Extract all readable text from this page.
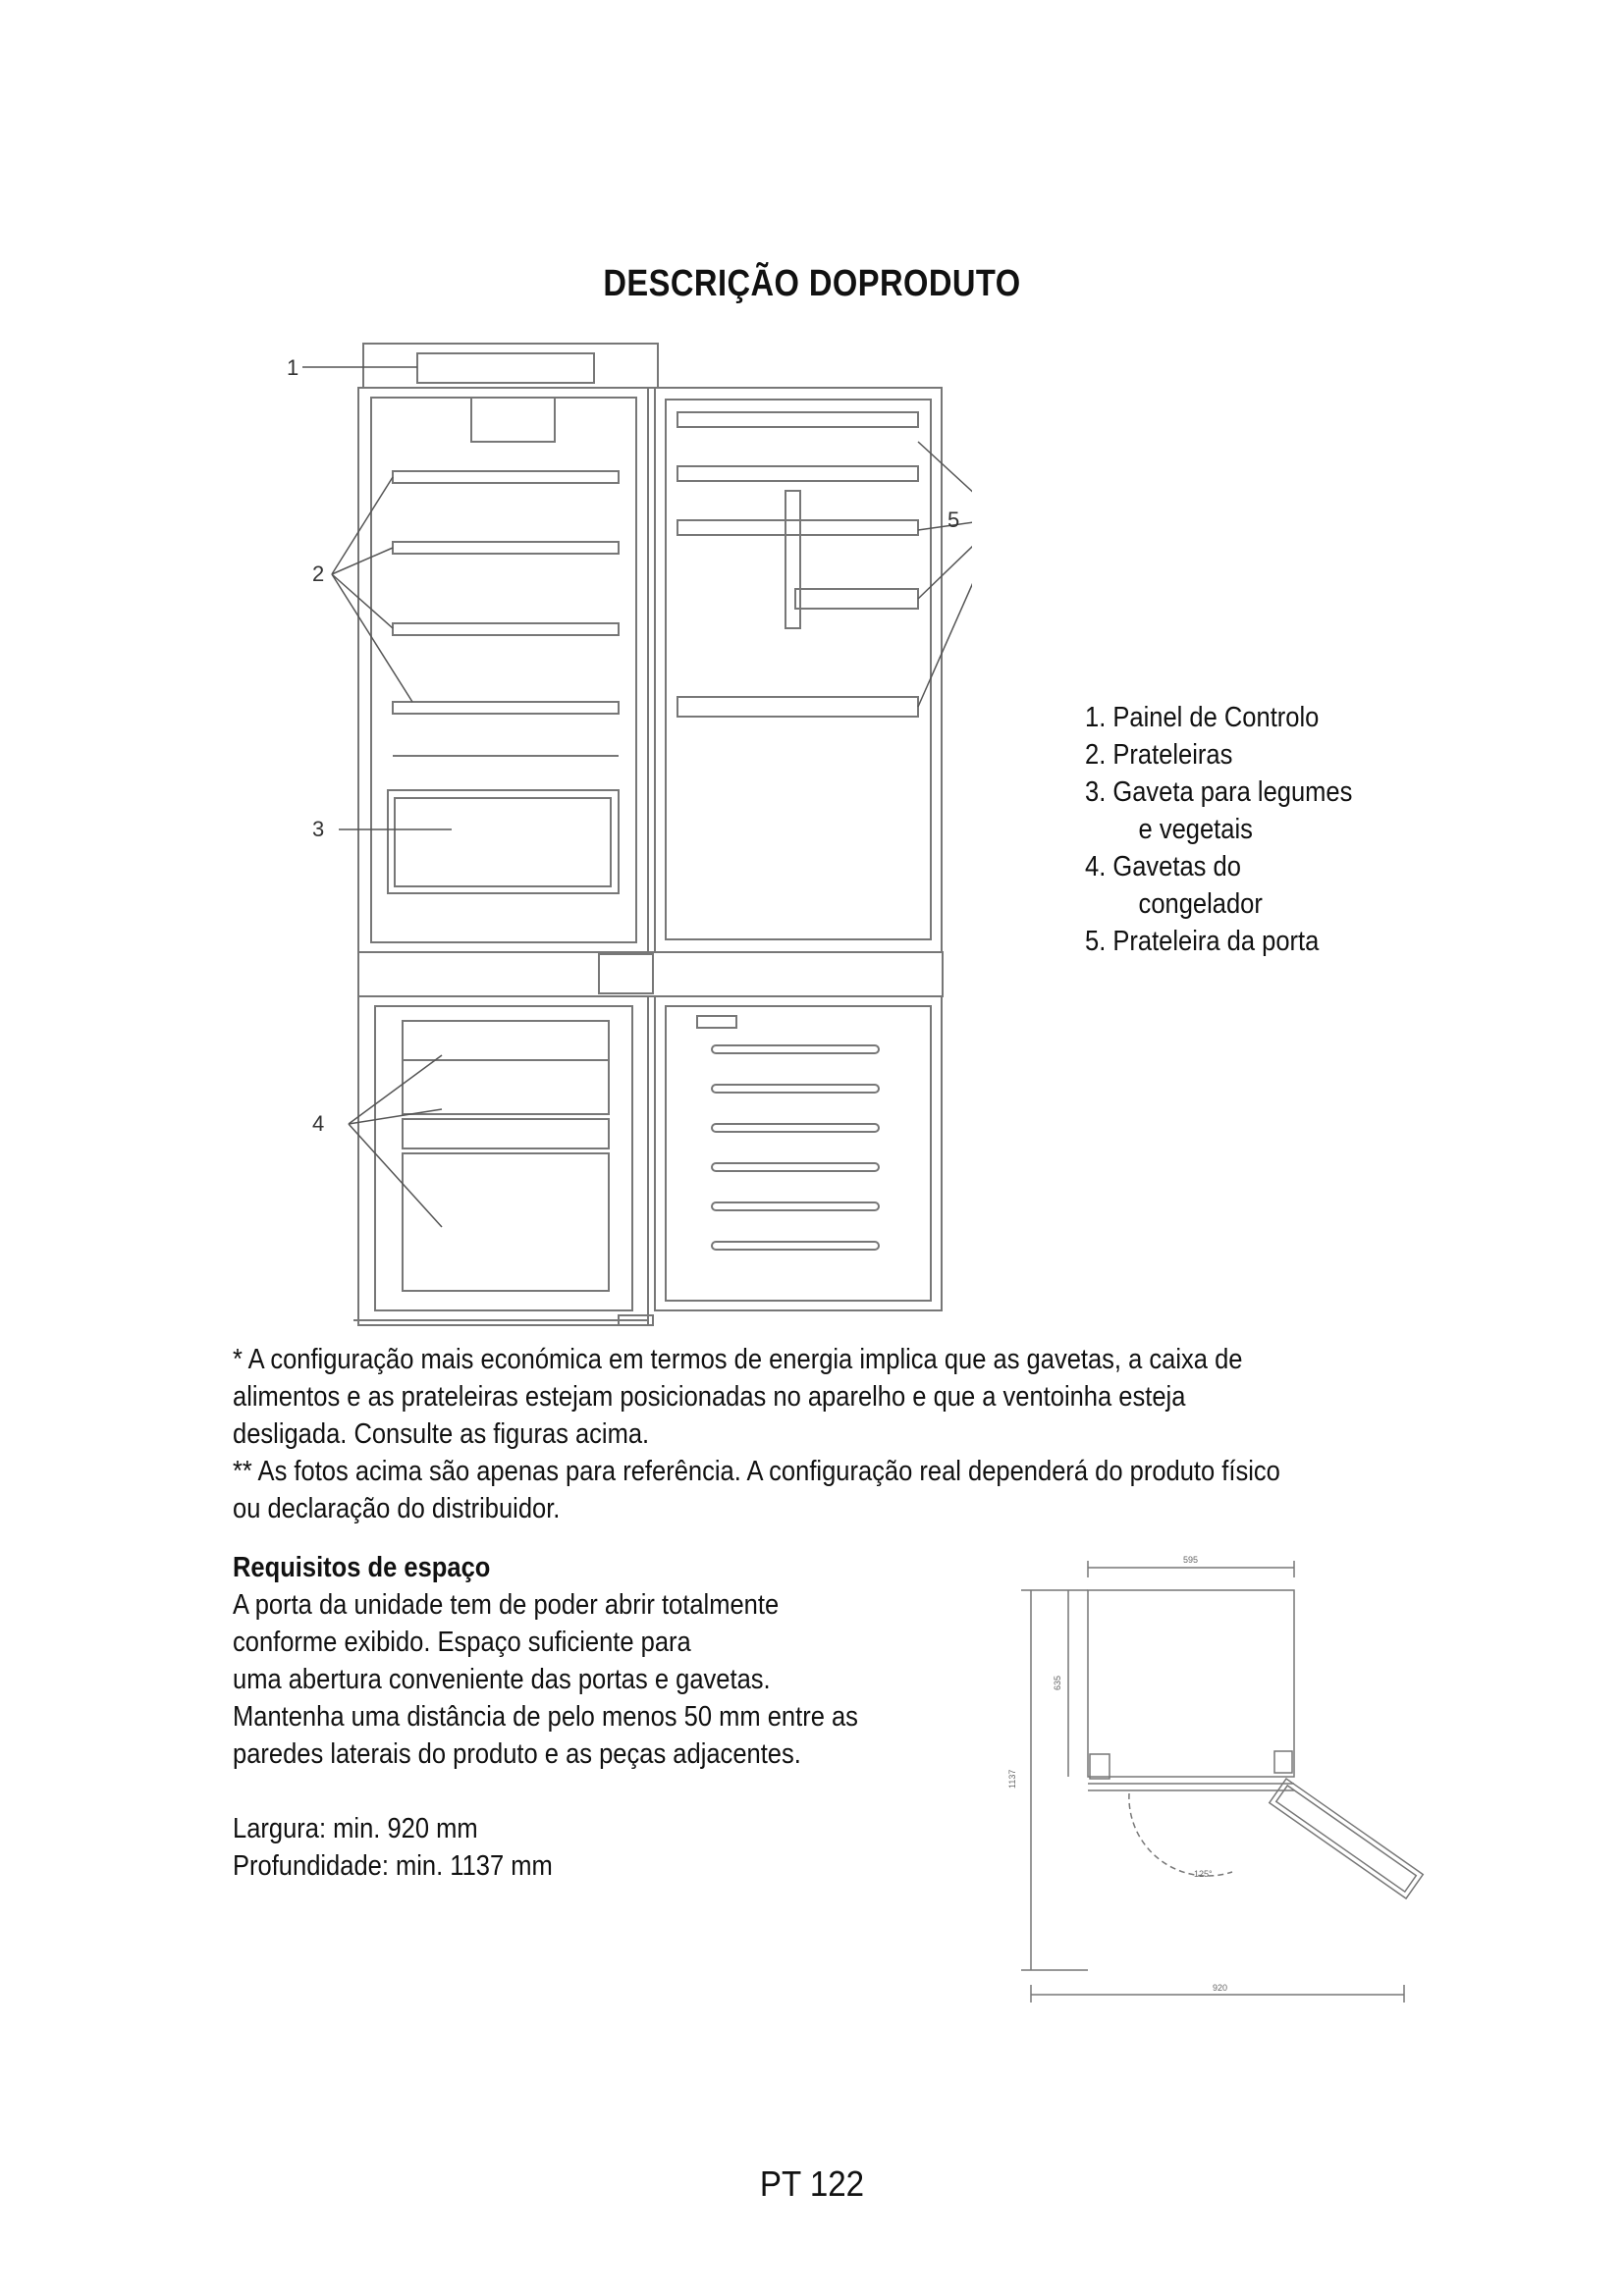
DESCRIÇÃO DOPRODUTO
1
2
3
4
5
1. Painel de Controlo
2. Prateleiras
3. Gaveta para legumes
e vegetais
4. Gavetas do
congelador
5. Prateleira da porta

* A configuração mais económica em termos de energia implica que as gavetas, a caixa de alimentos e as prateleiras estejam posicionadas no aparelho e que a ventoinha esteja desligada. Consulte as figuras acima.

** As fotos acima são apenas para referência. A configuração real dependerá do produto físico ou declaração do distribuidor.

Requisitos de espaço

A porta da unidade tem de poder abrir totalmente

conforme exibido. Espaço suficiente para

uma abertura conveniente das portas e gavetas.

Mantenha uma distância de pelo menos 50 mm entre as

paredes laterais do produto e as peças adjacentes.

Largura: min. 920 mm

Profundidade: min. 1137 mm

595
1137
635
125°
920
PT 122
